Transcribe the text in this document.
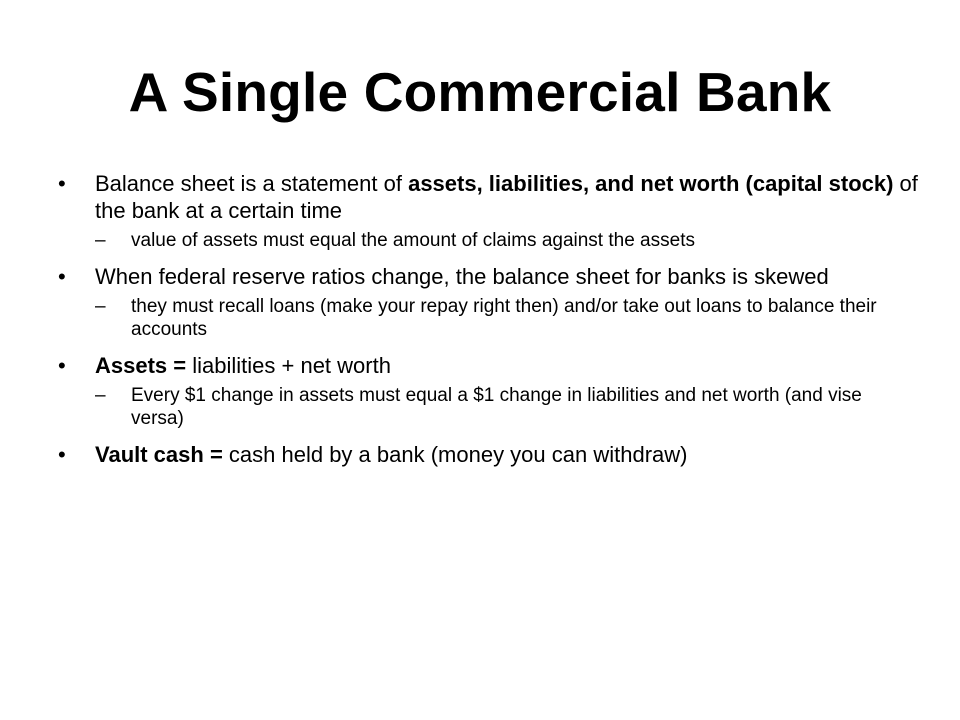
A Single Commercial Bank
•	Balance sheet is a statement of assets, liabilities, and net worth (capital stock) of the bank at a certain time
– value of assets must equal the amount of claims against the assets
•	When federal reserve ratios change, the balance sheet for banks is skewed
– they must recall loans (make your repay right then) and/or take out loans to balance their accounts
•	Assets = liabilities + net worth
– Every $1 change in assets must equal a $1 change in liabilities and net worth (and vise versa)
•	Vault cash = cash held by a bank (money you can withdraw)
